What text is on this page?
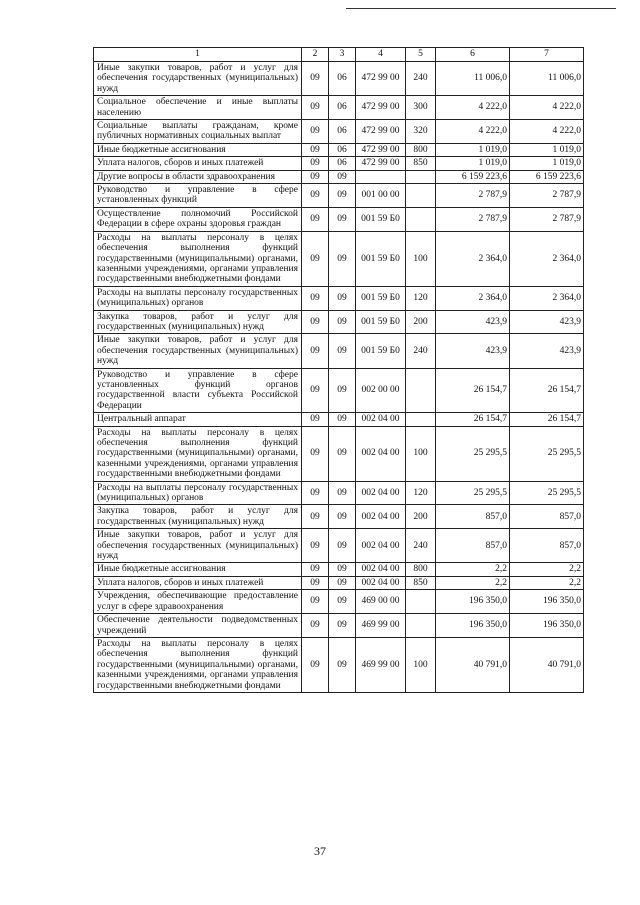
1	2	3	4	5	6	7
Иные закупки товаров, работ и услуг для обеспечения государственных (муниципальных) нужд	09	06	472 99 00	240	11 006,0	11 006,0
Социальное обеспечение и иные выплаты населению	09	06	472 99 00	300	4 222,0	4 222,0
Социальные выплаты гражданам, кроме публичных нормативных социальных выплат	09	06	472 99 00	320	4 222,0	4 222,0
Иные бюджетные ассигнования	09	06	472 99 00	800	1 019,0	1 019,0
Уплата налогов, сборов и иных платежей	09	06	472 99 00	850	1 019,0	1 019,0
Другие вопросы в области здравоохранения	09	09			6 159 223,6	6 159 223,6
Руководство и управление в сфере установленных функций	09	09	001 00 00		2 787,9	2 787,9
Осуществление полномочий Российской Федерации в сфере охраны здоровья граждан	09	09	001 59 Б0		2 787,9	2 787,9
Расходы на выплаты персоналу в целях обеспечения выполнения функций государственными (муниципальными) органами, казенными учреждениями, органами управления государственными внебюджетными фондами	09	09	001 59 Б0	100	2 364,0	2 364,0
Расходы на выплаты персоналу государственных (муниципальных) органов	09	09	001 59 Б0	120	2 364,0	2 364,0
Закупка товаров, работ и услуг для государственных (муниципальных) нужд	09	09	001 59 Б0	200	423,9	423,9
Иные закупки товаров, работ и услуг для обеспечения государственных (муниципальных) нужд	09	09	001 59 Б0	240	423,9	423,9
Руководство и управление в сфере установленных функций органов государственной власти субъекта Российской Федерации	09	09	002 00 00		26 154,7	26 154,7
Центральный аппарат	09	09	002 04 00		26 154,7	26 154,7
Расходы на выплаты персоналу в целях обеспечения выполнения функций государственными (муниципальными) органами, казенными учреждениями, органами управления государственными внебюджетными фондами	09	09	002 04 00	100	25 295,5	25 295,5
Расходы на выплаты персоналу государственных (муниципальных) органов	09	09	002 04 00	120	25 295,5	25 295,5
Закупка товаров, работ и услуг для государственных (муниципальных) нужд	09	09	002 04 00	200	857,0	857,0
Иные закупки товаров, работ и услуг для обеспечения государственных (муниципальных) нужд	09	09	002 04 00	240	857,0	857,0
Иные бюджетные ассигнования	09	09	002 04 00	800	2,2	2,2
Уплата налогов, сборов и иных платежей	09	09	002 04 00	850	2,2	2,2
Учреждения, обеспечивающие предоставление услуг в сфере здравоохранения	09	09	469 00 00		196 350,0	196 350,0
Обеспечение деятельности подведомственных учреждений	09	09	469 99 00		196 350,0	196 350,0
Расходы на выплаты персоналу в целях обеспечения выполнения функций государственными (муниципальными) органами, казенными учреждениями, органами управления государственными внебюджетными фондами	09	09	469 99 00	100	40 791,0	40 791,0
37
